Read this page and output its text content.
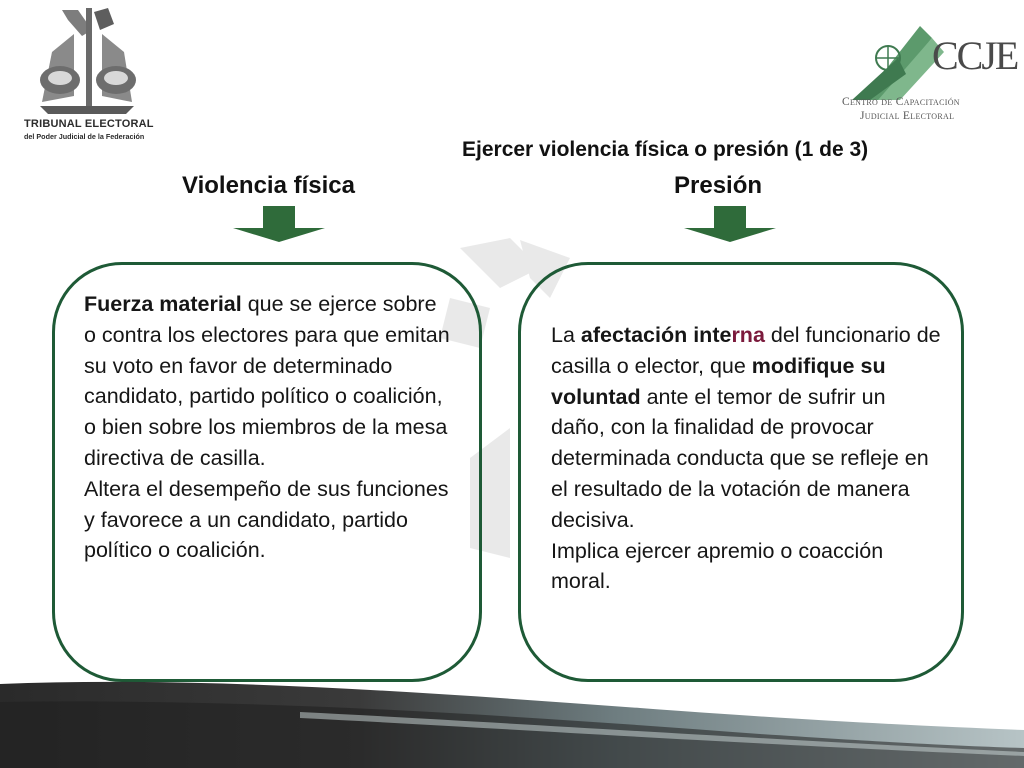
TRIBUNAL ELECTORAL
del Poder Judicial de la Federación
CCJE
Centro de Capacitación
Judicial Electoral
Ejercer violencia física o presión (1 de 3)
Violencia física	Presión
Fuerza material que se ejerce sobre o contra los electores para que emitan su voto en favor de determinado candidato, partido político o coalición, o bien sobre los miembros de la mesa directiva de casilla.
Altera el desempeño de sus funciones y favorece a un candidato, partido político o coalición.
La afectación interna del funcionario de casilla o elector, que modifique su voluntad ante el temor de sufrir un daño, con la finalidad de provocar determinada conducta que se refleje en el resultado de la votación de manera decisiva.
Implica ejercer apremio o coacción moral.
